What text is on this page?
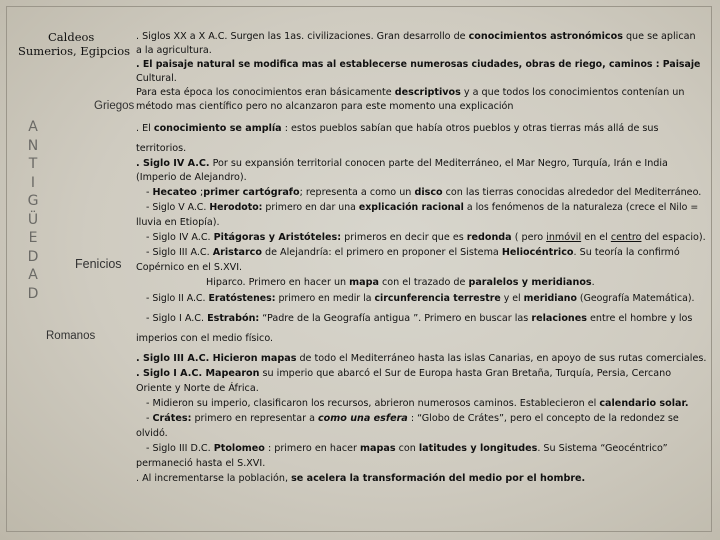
Caldeos
Sumerios, Egipcios
Griegos
Fenicios
Romanos
A
N
T
I
G
Ü
E
D
A
D
. Siglos XX a X A.C. Surgen las 1as. civilizaciones. Gran desarrollo de conocimientos astronómicos que se aplican
a la agricultura.
. El paisaje natural se modifica mas al establecerse numerosas ciudades, obras de riego, caminos : Paisaje
Cultural.
Para esta época los conocimientos eran básicamente descriptivos y a que todos los conocimientos contenían un
método mas científico pero no alcanzaron para este momento una explicación
. El conocimiento se amplía : estos pueblos sabían que había otros pueblos y otras tierras más allá de sus
territorios.
. Siglo IV A.C. Por su expansión territorial conocen parte del Mediterráneo, el Mar Negro, Turquía, Irán e India
(Imperio de Alejandro).
- Hecateo ;primer cartógrafo; representa a como un disco con las tierras conocidas alrededor del Mediterráneo.
- Siglo V A.C. Herodoto: primero en dar una explicación racional a los fenómenos de la naturaleza (crece el Nilo =
lluvia en Etiopía).
- Siglo IV A.C. Pitágoras y Aristóteles: primeros en decir que es redonda ( pero inmóvil en el centro del espacio).
- Siglo III A.C. Aristarco de Alejandría: el primero en proponer el Sistema Heliocéntrico. Su teoría la confirmó
Copérnico en el S.XVI.
Hiparco. Primero en hacer un mapa con el trazado de paralelos y meridianos.
- Siglo II A.C. Eratóstenes: primero en medir la circunferencia terrestre y el meridiano (Geografía Matemática).
- Siglo I A.C. Estrabón: “Padre de la Geografía antigua ”. Primero en buscar las relaciones entre el hombre y los
imperios con el medio físico.
. Siglo III A.C. Hicieron mapas de todo el Mediterráneo hasta las islas Canarias, en apoyo de sus rutas comerciales.
. Siglo I A.C. Mapearon su imperio que abarcó el Sur de Europa hasta Gran Bretaña, Turquía, Persia, Cercano
Oriente y Norte de África.
- Midieron su imperio, clasificaron los recursos, abrieron numerosos caminos. Establecieron el calendario solar.
- Crátes: primero en representar a como una esfera : “Globo de Crátes”, pero el concepto de la redondez se
olvidó.
- Siglo III D.C. Ptolomeo : primero en hacer mapas con latitudes y longitudes. Su Sistema “Geocéntrico”
permaneció hasta el S.XVI.
. Al incrementarse la población, se acelera la transformación del medio por el hombre.
